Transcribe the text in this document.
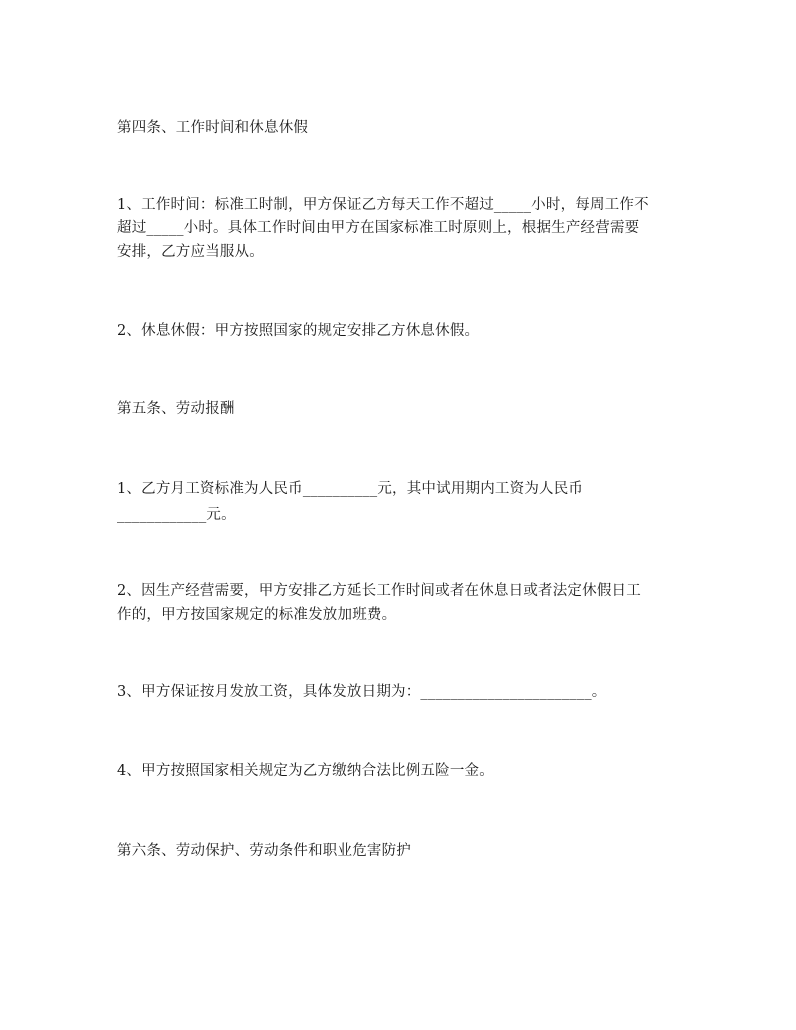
第四条、工作时间和休息休假
1、工作时间：标准工时制，甲方保证乙方每天工作不超过_____小时，每周工作不
超过_____小时。具体工作时间由甲方在国家标准工时原则上，根据生产经营需要
安排，乙方应当服从。
2、休息休假：甲方按照国家的规定安排乙方休息休假。
第五条、劳动报酬
1、乙方月工资标准为人民币__________元，其中试用期内工资为人民币
____________元。
2、因生产经营需要，甲方安排乙方延长工作时间或者在休息日或者法定休假日工
作的，甲方按国家规定的标准发放加班费。
3、甲方保证按月发放工资，具体发放日期为：_______________________。
4、甲方按照国家相关规定为乙方缴纳合法比例五险一金。
第六条、劳动保护、劳动条件和职业危害防护
